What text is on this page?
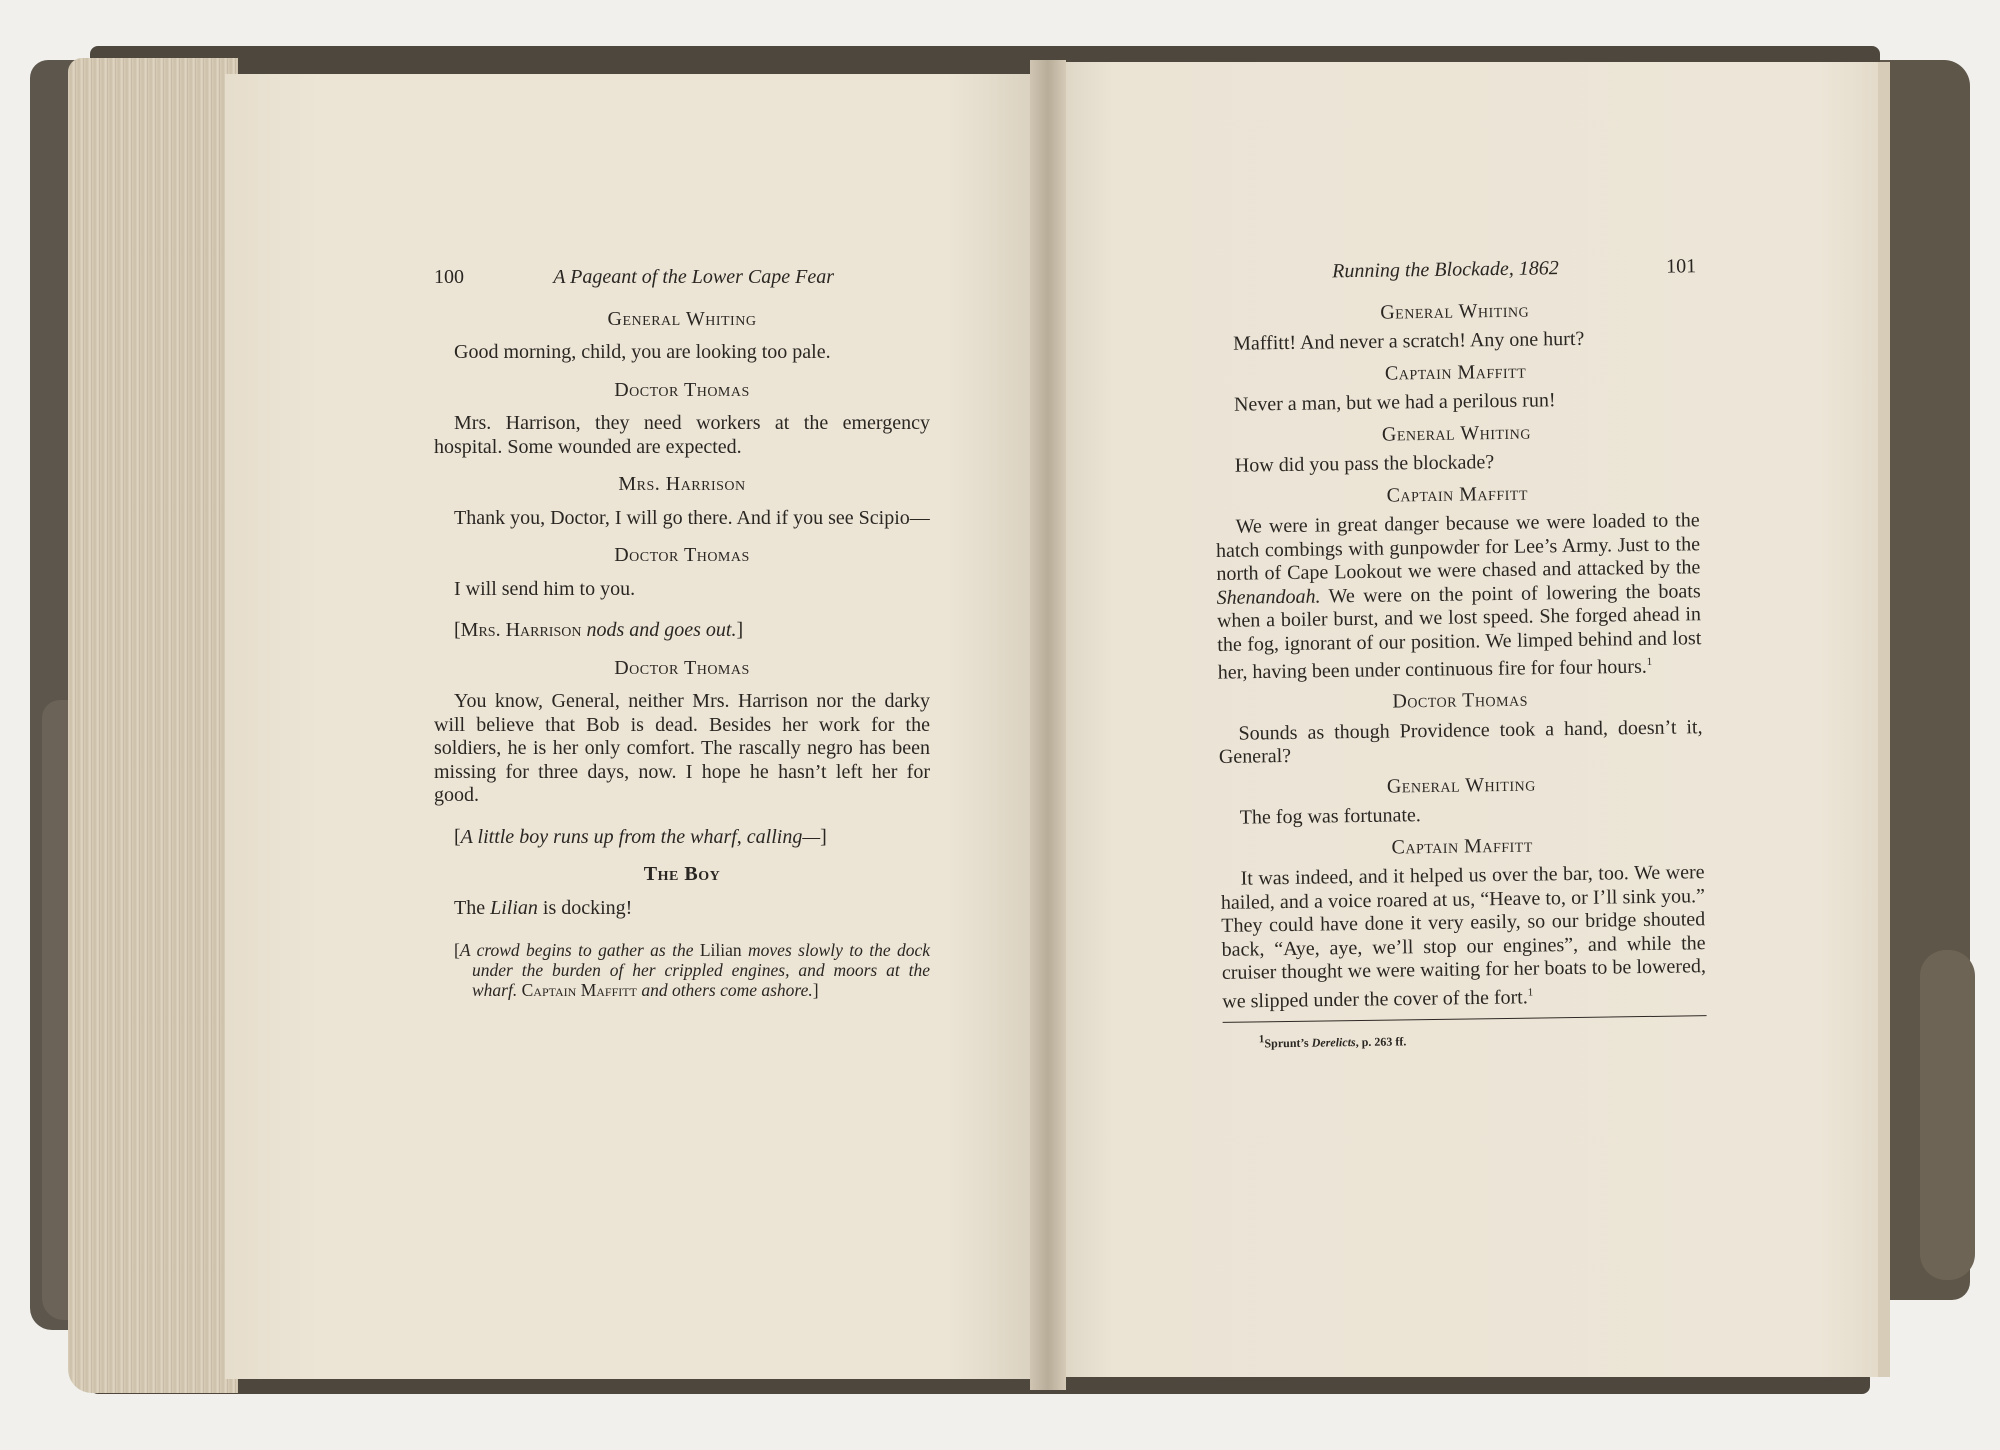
100	A Pageant of the Lower Cape Fear
General Whiting

Good morning, child, you are looking too pale.

Doctor Thomas

Mrs. Harrison, they need workers at the emergency hospital. Some wounded are expected.

Mrs. Harrison

Thank you, Doctor, I will go there. And if you see Scipio—

Doctor Thomas

I will send him to you.

[Mrs. Harrison nods and goes out.]

Doctor Thomas

You know, General, neither Mrs. Harrison nor the darky will believe that Bob is dead. Besides her work for the soldiers, he is her only comfort. The rascally negro has been missing for three days, now. I hope he hasn’t left her for good.

[A little boy runs up from the wharf, calling—]

The Boy

The Lilian is docking!

[A crowd begins to gather as the Lilian moves slowly to the dock under the burden of her crippled engines, and moors at the wharf. Captain Maffitt and others come ashore.]

Running the Blockade, 1862	101
General Whiting

Maffitt! And never a scratch! Any one hurt?

Captain Maffitt

Never a man, but we had a perilous run!

General Whiting

How did you pass the blockade?

Captain Maffitt

We were in great danger because we were loaded to the hatch combings with gunpowder for Lee’s Army. Just to the north of Cape Lookout we were chased and attacked by the Shenandoah. We were on the point of lowering the boats when a boiler burst, and we lost speed. She forged ahead in the fog, ignorant of our position. We limped behind and lost her, having been under continuous fire for four hours.$^1$

Doctor Thomas

Sounds as though Providence took a hand, doesn’t it, General?

General Whiting

The fog was fortunate.

Captain Maffitt

It was indeed, and it helped us over the bar, too. We were hailed, and a voice roared at us, “Heave to, or I’ll sink you.” They could have done it very easily, so our bridge shouted back, “Aye, aye, we’ll stop our engines”, and while the cruiser thought we were waiting for her boats to be lowered, we slipped under the cover of the fort.$^1$

$^1$Sprunt’s Derelicts, p. 263 ff.
